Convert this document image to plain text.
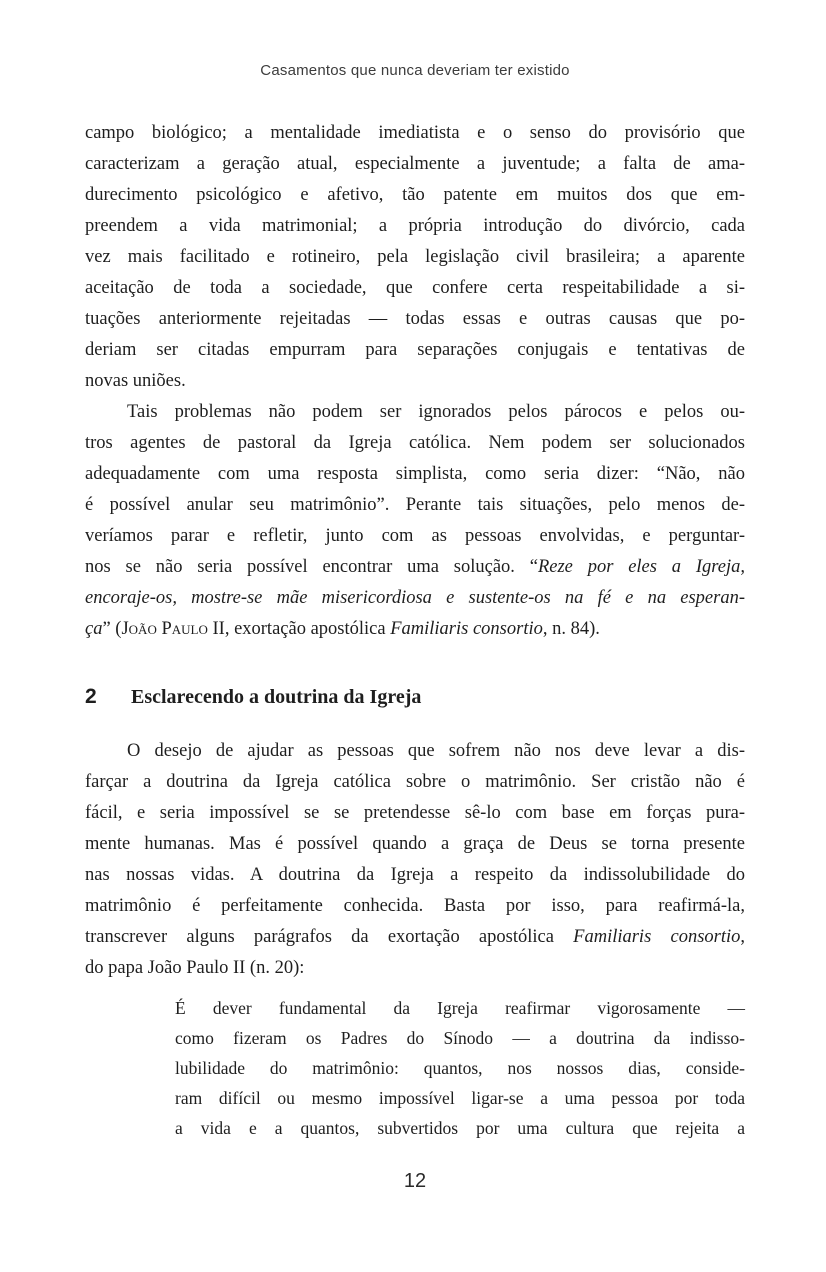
Casamentos que nunca deveriam ter existido
campo biológico; a mentalidade imediatista e o senso do provisório que
caracterizam a geração atual, especialmente a juventude; a falta de ama-
durecimento psicológico e afetivo, tão patente em muitos dos que em-
preendem a vida matrimonial; a própria introdução do divórcio, cada
vez mais facilitado e rotineiro, pela legislação civil brasileira; a aparente
aceitação de toda a sociedade, que confere certa respeitabilidade a si-
tuações anteriormente rejeitadas — todas essas e outras causas que po-
deriam ser citadas empurram para separações conjugais e tentativas de
novas uniões.
Tais problemas não podem ser ignorados pelos párocos e pelos ou-
tros agentes de pastoral da Igreja católica. Nem podem ser solucionados
adequadamente com uma resposta simplista, como seria dizer: “Não, não
é possível anular seu matrimônio”. Perante tais situações, pelo menos de-
veríamos parar e refletir, junto com as pessoas envolvidas, e perguntar-
nos se não seria possível encontrar uma solução. “Reze por eles a Igreja,
encoraje-os, mostre-se mãe misericordiosa e sustente-os na fé e na esperan-
ça” (João Paulo II, exortação apostólica Familiaris consortio, n. 84).
2	Esclarecendo a doutrina da Igreja
O desejo de ajudar as pessoas que sofrem não nos deve levar a dis-
farçar a doutrina da Igreja católica sobre o matrimônio. Ser cristão não é
fácil, e seria impossível se se pretendesse sê-lo com base em forças pura-
mente humanas. Mas é possível quando a graça de Deus se torna presente
nas nossas vidas. A doutrina da Igreja a respeito da indissolubilidade do
matrimônio é perfeitamente conhecida. Basta por isso, para reafirmá-la,
transcrever alguns parágrafos da exortação apostólica Familiaris consortio,
do papa João Paulo II (n. 20):
É dever fundamental da Igreja reafirmar vigorosamente —
como fizeram os Padres do Sínodo — a doutrina da indisso-
lubilidade do matrimônio: quantos, nos nossos dias, conside-
ram difícil ou mesmo impossível ligar-se a uma pessoa por toda
a vida e a quantos, subvertidos por uma cultura que rejeita a
12
